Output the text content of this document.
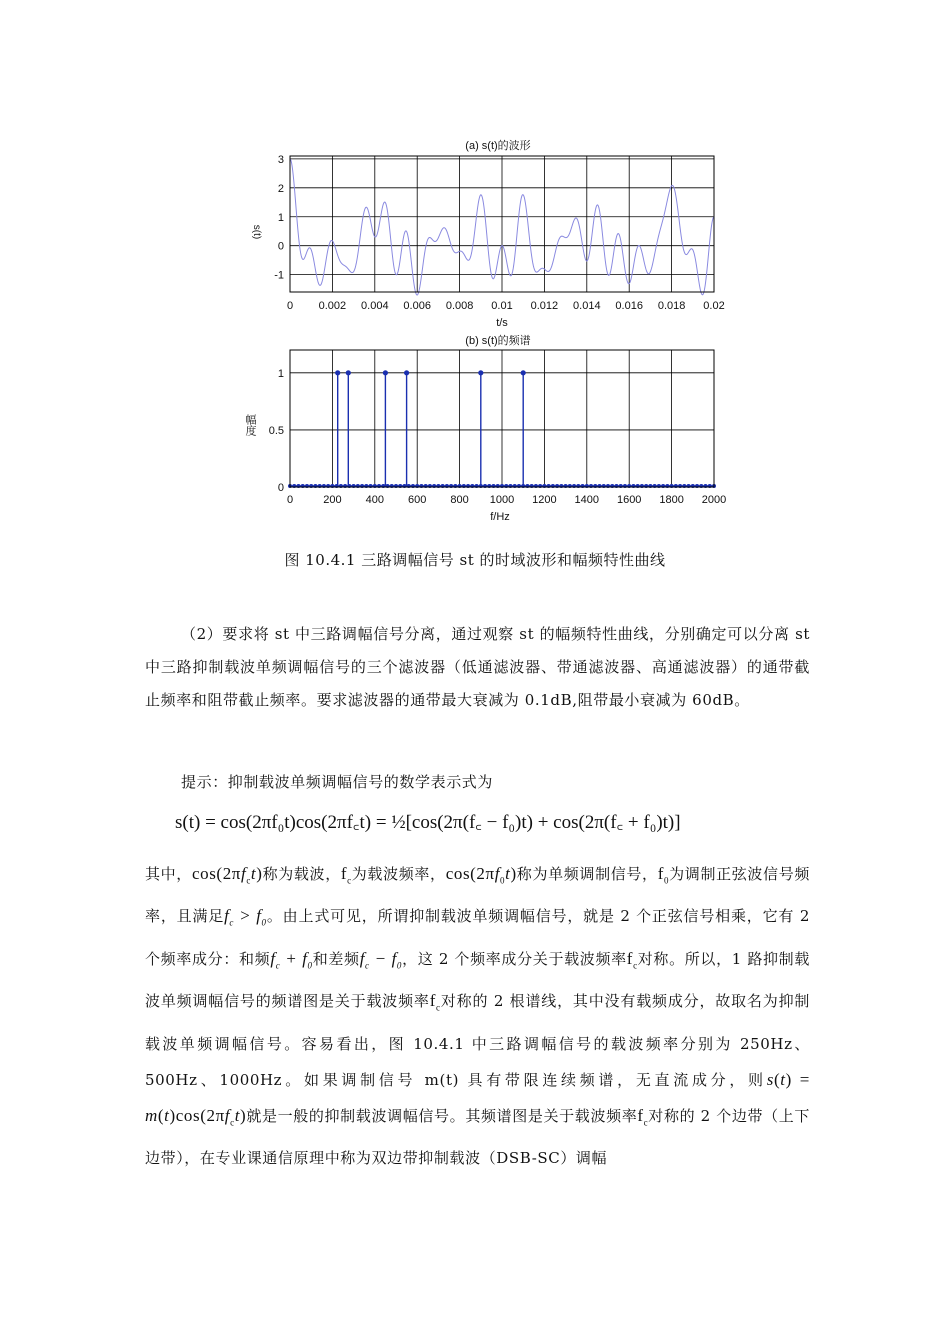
(a) s(t)的波形
0 0.002 0.004 0.006 0.008 0.01 0.012 0.014 0.016 0.018 0.02
3
2
1
0
-1
t/s
s(t)
(b) s(t)的频谱
0	200 400 600 800 1000 1200 1400 1600 1800 2000
1
0.5
0
f/Hz
幅度
图 10.4.1 三路调幅信号 st 的时域波形和幅频特性曲线

（2）要求将 st 中三路调幅信号分离，通过观察 st 的幅频特性曲线，分别确定可以分离 st 中三路抑制载波单频调幅信号的三个滤波器（低通滤波器、带通滤波器、高通滤波器）的通带截止频率和阻带截止频率。要求滤波器的通带最大衰减为 0.1dB,阻带最小衰减为 60dB。

提示：抑制载波单频调幅信号的数学表示式为

s(t) = cos(2πf₀t)cos(2πf꜀t) = ½[cos(2π(f꜀ − f₀)t) + cos(2π(f꜀ + f₀)t)]

其中，$\cos(2\pi f_ct)$称为载波，$f_c$为载波频率，$\cos(2\pi f_0t)$称为单频调制信号，$f_0$为调制正弦波信号频率，且满足$f_c > f_0$。由上式可见，所谓抑制载波单频调幅信号，就是 2 个正弦信号相乘，它有 2 个频率成分：和频$f_c + f_0$和差频$f_c - f_0$，这 2 个频率成分关于载波频率$f_c$对称。所以，1 路抑制载波单频调幅信号的频谱图是关于载波频率$f_c$对称的 2 根谱线，其中没有载频成分，故取名为抑制载波单频调幅信号。容易看出，图 10.4.1 中三路调幅信号的载波频率分别为 250Hz、500Hz、1000Hz。如果调制信号 m(t) 具有带限连续频谱，无直流成分，则$s(t) = m(t)\cos(2\pi f_ct)$就是一般的抑制载波调幅信号。其频谱图是关于载波频率$f_c$对称的 2 个边带（上下边带），在专业课通信原理中称为双边带抑制载波（DSB-SC）调幅
